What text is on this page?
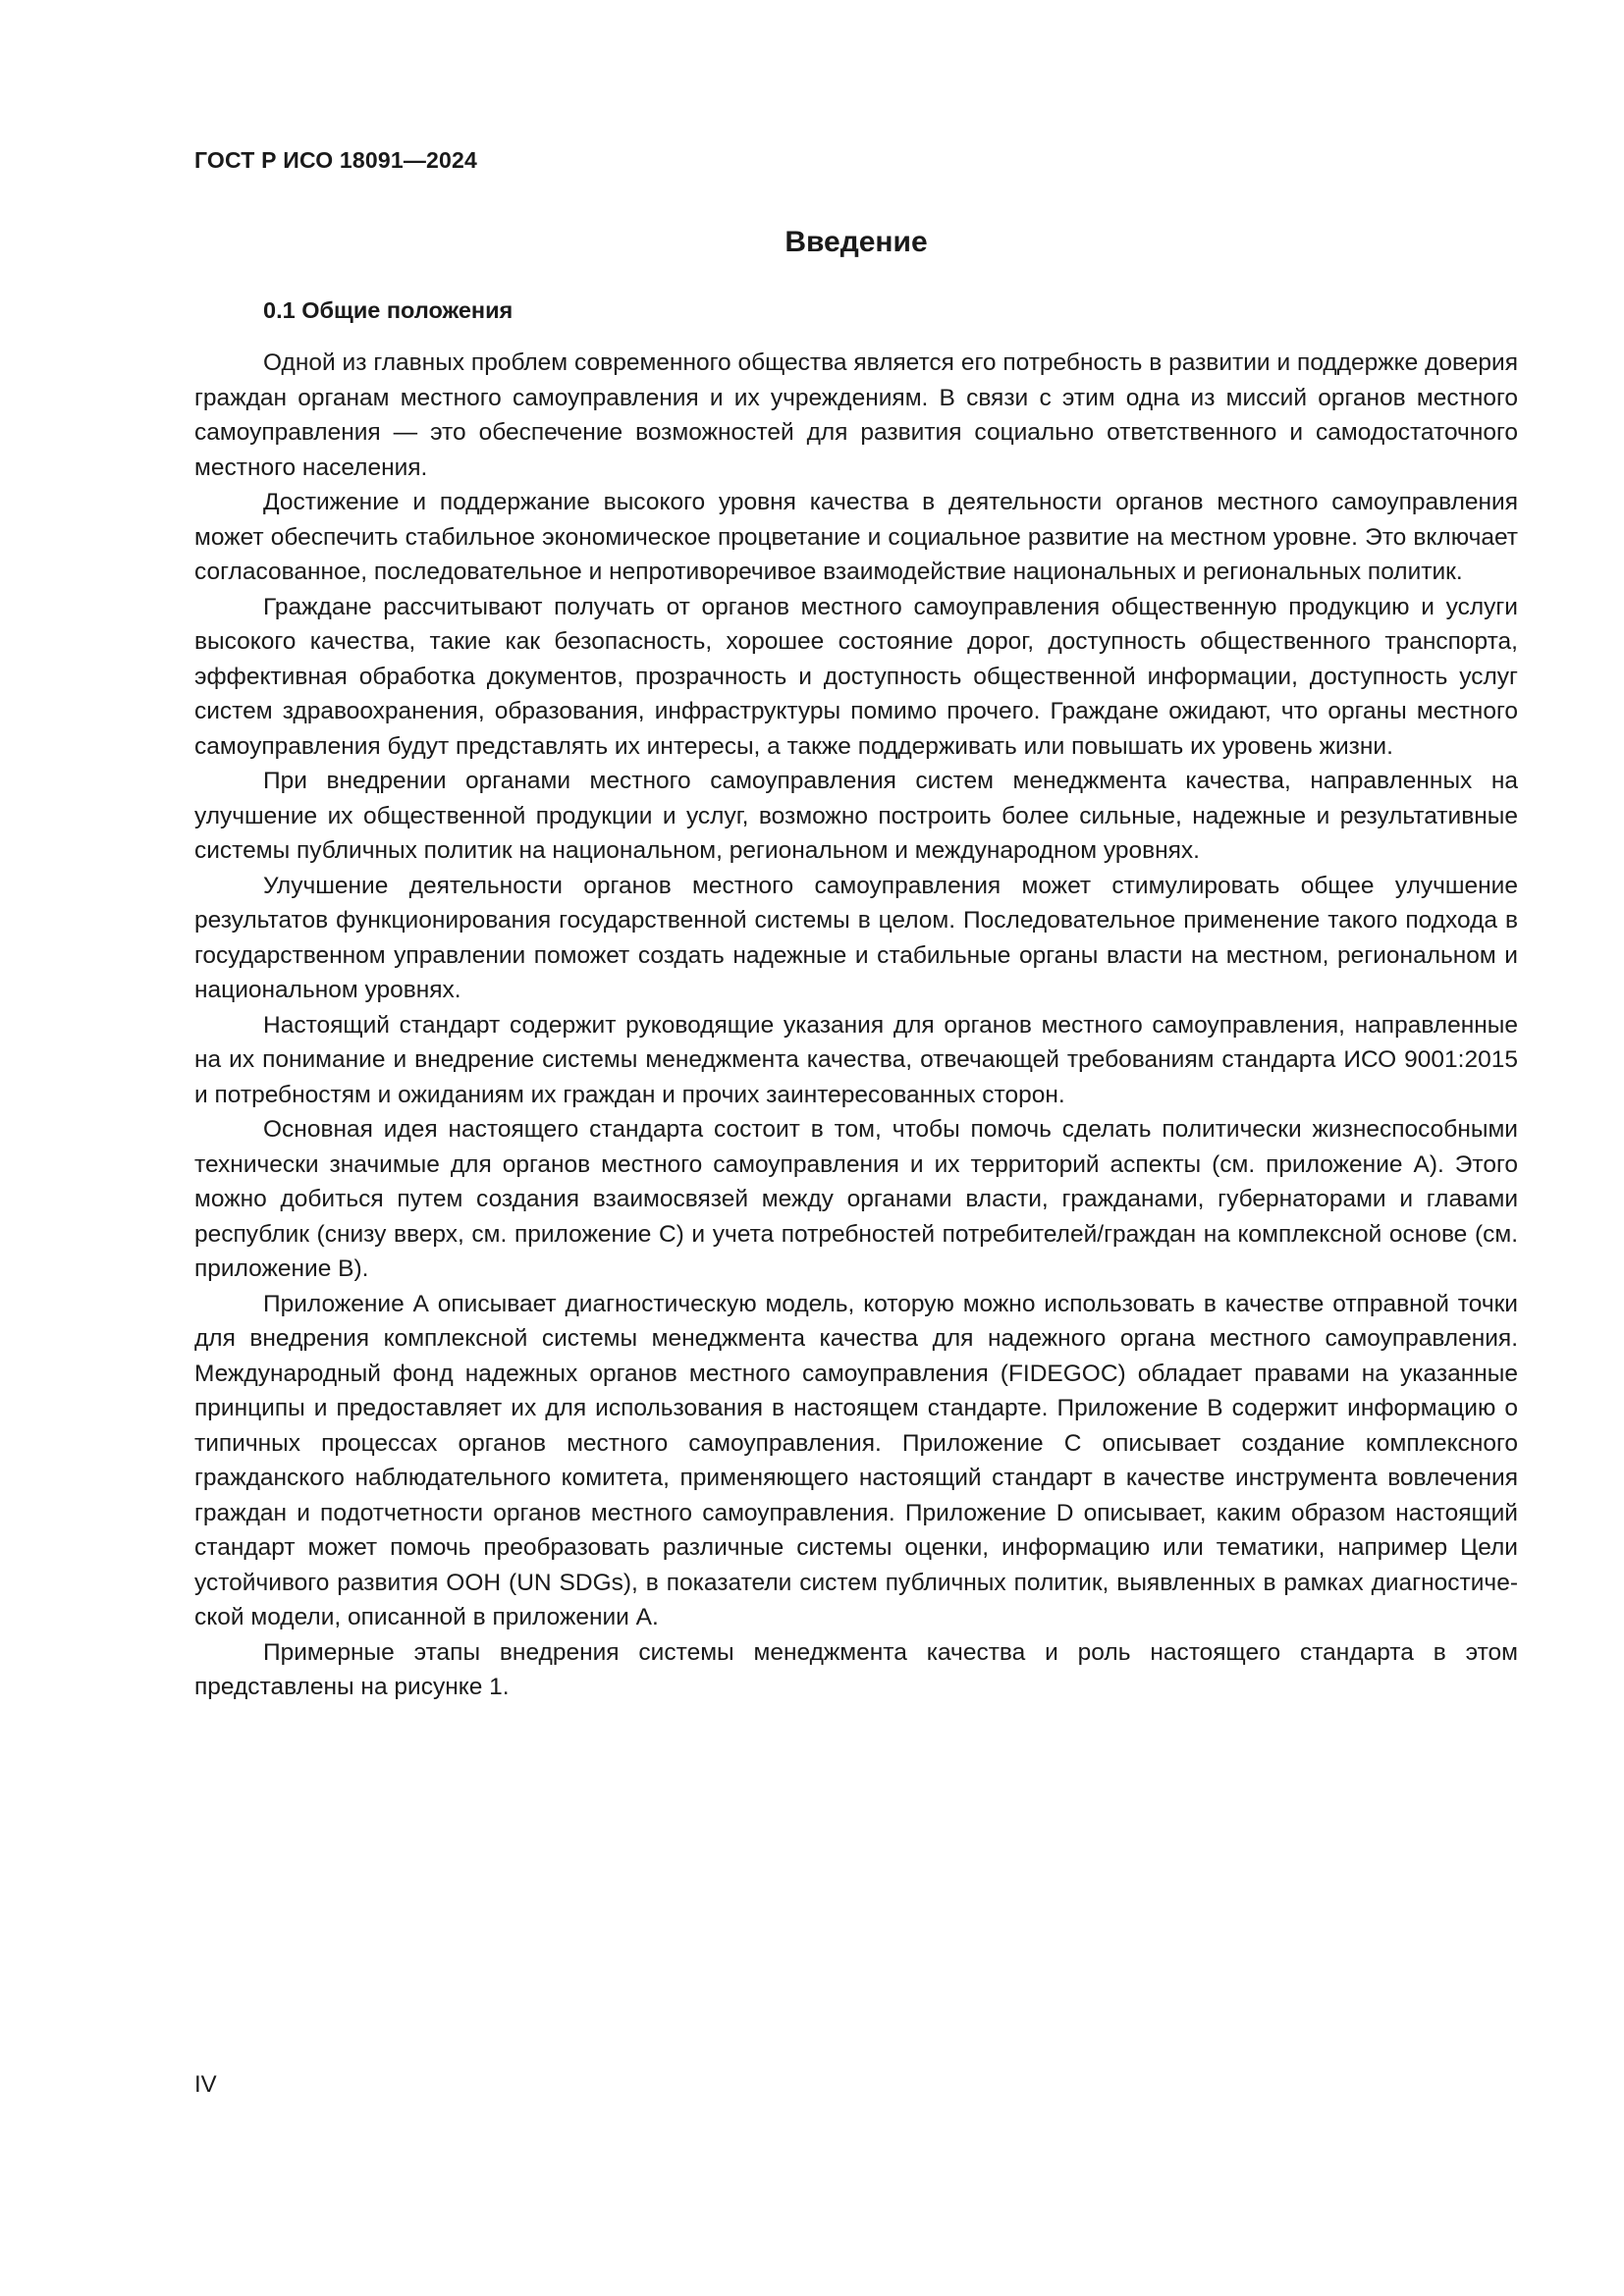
ГОСТ Р ИСО 18091—2024
Введение
0.1 Общие положения

Одной из главных проблем современного общества является его потребность в развитии и поддержке доверия граждан органам местного самоуправления и их учреждениям. В связи с этим одна из миссий органов местного самоуправления — это обеспечение возможностей для развития социально ответственного и самодостаточного местного населения.

Достижение и поддержание высокого уровня качества в деятельности органов местного самоуправления может обеспечить стабильное экономическое процветание и социальное развитие на местном уровне. Это включает согласованное, последовательное и непротиворечивое взаимодействие национальных и региональных политик.

Граждане рассчитывают получать от органов местного самоуправления общественную продукцию и услуги высокого качества, такие как безопасность, хорошее состояние дорог, доступность общественного транспорта, эффективная обработка документов, прозрачность и доступность общественной информации, доступность услуг систем здравоохранения, образования, инфраструктуры помимо прочего. Граждане ожидают, что органы местного самоуправления будут представлять их интересы, а также поддерживать или повышать их уровень жизни.

При внедрении органами местного самоуправления систем менеджмента качества, направленных на улучшение их общественной продукции и услуг, возможно построить более сильные, надежные и результативные системы публичных политик на национальном, региональном и международном уровнях.

Улучшение деятельности органов местного самоуправления может стимулировать общее улучшение результатов функционирования государственной системы в целом. Последовательное применение такого подхода в государственном управлении поможет создать надежные и стабильные органы власти на местном, региональном и национальном уровнях.

Настоящий стандарт содержит руководящие указания для органов местного самоуправления, направленные на их понимание и внедрение системы менеджмента качества, отвечающей требованиям стандарта ИСО 9001:2015 и потребностям и ожиданиям их граждан и прочих заинтересованных сторон.

Основная идея настоящего стандарта состоит в том, чтобы помочь сделать политически жизнеспособными технически значимые для органов местного самоуправления и их территорий аспекты (см. приложение А). Этого можно добиться путем создания взаимосвязей между органами власти, гражданами, губернаторами и главами республик (снизу вверх, см. приложение С) и учета потребностей потребителей/граждан на комплексной основе (см. приложение В).

Приложение А описывает диагностическую модель, которую можно использовать в качестве отправной точки для внедрения комплексной системы менеджмента качества для надежного органа местного самоуправления. Международный фонд надежных органов местного самоуправления (FIDEGOC) обладает правами на указанные принципы и предоставляет их для использования в настоящем стандарте. Приложение В содержит информацию о типичных процессах органов местного самоуправления. Приложение С описывает создание комплексного гражданского наблюдательного комитета, применяющего настоящий стандарт в качестве инструмента вовлечения граждан и подотчетности органов местного самоуправления. Приложение D описывает, каким образом настоящий стандарт может помочь преобразовать различные системы оценки, информацию или тематики, например Цели устойчивого развития ООН (UN SDGs), в показатели систем публичных политик, выявленных в рамках диагностической модели, описанной в приложении А.

Примерные этапы внедрения системы менеджмента качества и роль настоящего стандарта в этом представлены на рисунке 1.

IV
